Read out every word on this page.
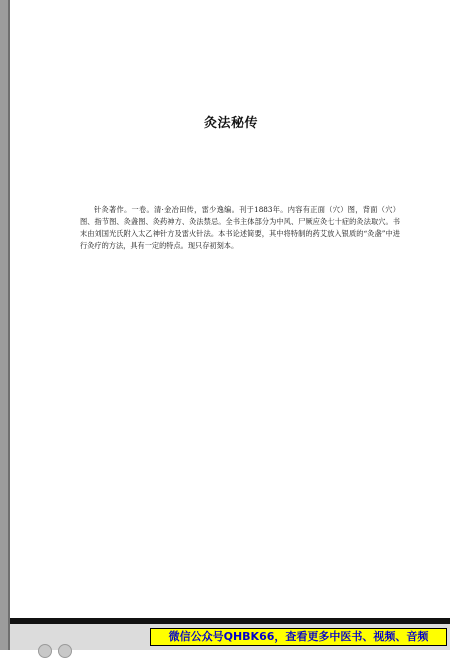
灸法秘传
针灸著作。一卷。清·金冶田传，雷少逸编。刊于1883年。内容有正面（穴）图，背面（穴）图、指节图、灸盏图、灸药神方、灸法禁忌。全书主体部分为中风、尸厥应灸七十症的灸法取穴。书末由刘国光氏附入太乙神针方及雷火针法。本书论述简要，其中将特制的药艾放入银质的“灸盏”中进行灸疗的方法，具有一定的特点。现只存初刻本。
微信公众号QHBK66，查看更多中医书、视频、音频
